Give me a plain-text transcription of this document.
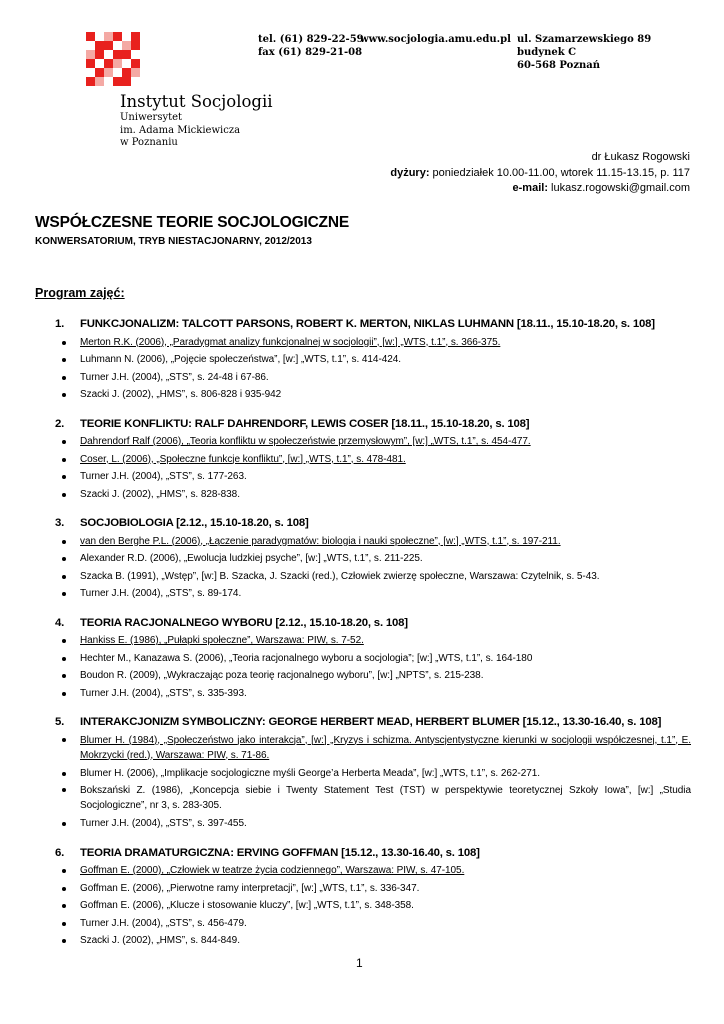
Instytut Socjologii
Uniwersytet
im. Adama Mickiewicza
w Poznaniu
tel. (61) 829-22-59
fax (61) 829-21-08
www.socjologia.amu.edu.pl ul. Szamarzewskiego 89
budynek C
60-568 Poznań
dr Łukasz Rogowski
dyżury: poniedziałek 10.00-11.00, wtorek 11.15-13.15, p. 117
e-mail: lukasz.rogowski@gmail.com
WSPÓŁCZESNE TEORIE SOCJOLOGICZNE
KONWERSATORIUM, TRYB NIESTACJONARNY, 2012/2013
Program zajęć:
1. FUNKCJONALIZM: TALCOTT PARSONS, ROBERT K. MERTON, NIKLAS LUHMANN [18.11., 15.10-18.20, s. 108]
Merton R.K. (2006), „Paradygmat analizy funkcjonalnej w socjologii”, [w:] „WTS, t.1”, s. 366-375.
Luhmann N. (2006), „Pojęcie społeczeństwa”, [w:] „WTS, t.1”, s. 414-424.
Turner J.H. (2004), „STS”, s. 24-48 i 67-86.
Szacki J. (2002), „HMS”, s. 806-828 i 935-942
2. TEORIE KONFLIKTU: RALF DAHRENDORF, LEWIS COSER [18.11., 15.10-18.20, s. 108]
Dahrendorf Ralf (2006), „Teoria konfliktu w społeczeństwie przemysłowym”, [w:] „WTS, t.1”, s. 454-477.
Coser, L. (2006), „Społeczne funkcje konfliktu”, [w:] „WTS, t.1”, s. 478-481.
Turner J.H. (2004), „STS”, s. 177-263.
Szacki J. (2002), „HMS”, s. 828-838.
3. SOCJOBIOLOGIA [2.12., 15.10-18.20, s. 108]
van den Berghe P.L. (2006), „Łączenie paradygmatów: biologia i nauki społeczne”, [w:] „WTS, t.1”, s. 197-211.
Alexander R.D. (2006), „Ewolucja ludzkiej psyche”, [w:] „WTS, t.1”, s. 211-225.
Szacka B. (1991), „Wstęp”, [w:] B. Szacka, J. Szacki (red.), Człowiek zwierzę społeczne, Warszawa: Czytelnik, s. 5-43.
Turner J.H. (2004), „STS”, s. 89-174.
4. TEORIA RACJONALNEGO WYBORU [2.12., 15.10-18.20, s. 108]
Hankiss E. (1986), „Pułapki społeczne”, Warszawa: PIW, s. 7-52.
Hechter M., Kanazawa S. (2006), „Teoria racjonalnego wyboru a socjologia”; [w:] „WTS, t.1”, s. 164-180
Boudon R. (2009), „Wykraczając poza teorię racjonalnego wyboru”, [w:] „NPTS”, s. 215-238.
Turner J.H. (2004), „STS”, s. 335-393.
5. INTERAKCJONIZM SYMBOLICZNY: GEORGE HERBERT MEAD, HERBERT BLUMER [15.12., 13.30-16.40, s. 108]
Blumer H. (1984), „Społeczeństwo jako interakcja”, [w:] „Kryzys i schizma. Antyscjentystyczne kierunki w socjologii współczesnej, t.1”, E. Mokrzycki (red.), Warszawa: PIW, s. 71-86.
Blumer H. (2006), „Implikacje socjologiczne myśli George’a Herberta Meada”, [w:] „WTS, t.1”, s. 262-271.
Bokszański Z. (1986), „Koncepcja siebie i Twenty Statement Test (TST) w perspektywie teoretycznej Szkoły Iowa”, [w:] „Studia Socjologiczne”, nr 3, s. 283-305.
Turner J.H. (2004), „STS”, s. 397-455.
6. TEORIA DRAMATURGICZNA: ERVING GOFFMAN [15.12., 13.30-16.40, s. 108]
Goffman E. (2000), „Człowiek w teatrze życia codziennego”, Warszawa: PIW, s. 47-105.
Goffman E. (2006), „Pierwotne ramy interpretacji”, [w:] „WTS, t.1”, s. 336-347.
Goffman E. (2006), „Klucze i stosowanie kluczy”, [w:] „WTS, t.1”, s. 348-358.
Turner J.H. (2004), „STS”, s. 456-479.
Szacki J. (2002), „HMS”, s. 844-849.
1
